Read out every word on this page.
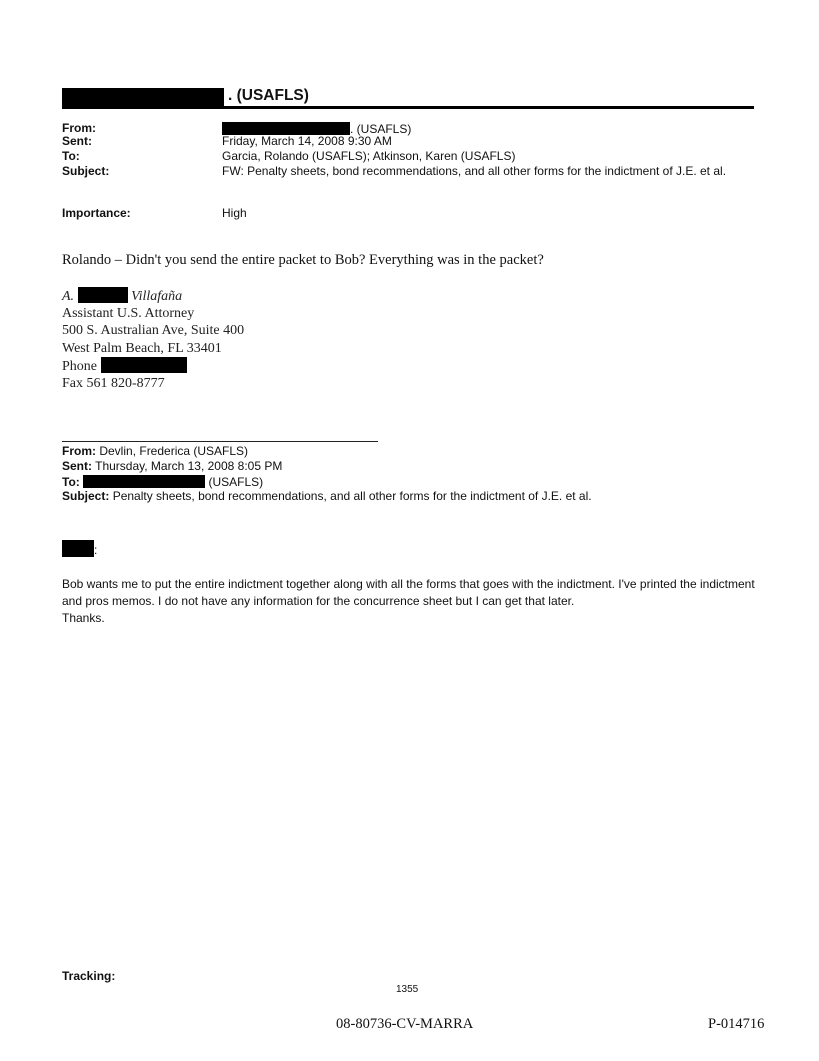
. (USAFLS)
From:	. (USAFLS)
Sent:	Friday, March 14, 2008 9:30 AM
To:	Garcia, Rolando (USAFLS); Atkinson, Karen (USAFLS)
Subject:	FW: Penalty sheets, bond recommendations, and all other forms for the indictment of J.E. et al.
Importance:	High
Rolando – Didn't you send the entire packet to Bob? Everything was in the packet?
A.	Villafaña
Assistant U.S. Attorney
500 S. Australian Ave, Suite 400
West Palm Beach, FL 33401
Phone
Fax 561 820-8777
From: Devlin, Frederica (USAFLS)
Sent: Thursday, March 13, 2008 8:05 PM
To:	(USAFLS)
Subject: Penalty sheets, bond recommendations, and all other forms for the indictment of J.E. et al.
:
Bob wants me to put the entire indictment together along with all the forms that goes with the indictment. I've printed the indictment and pros memos. I do not have any information for the concurrence sheet but I can get that later.
Thanks.
Tracking:
1355
08-80736-CV-MARRA	P-014716
